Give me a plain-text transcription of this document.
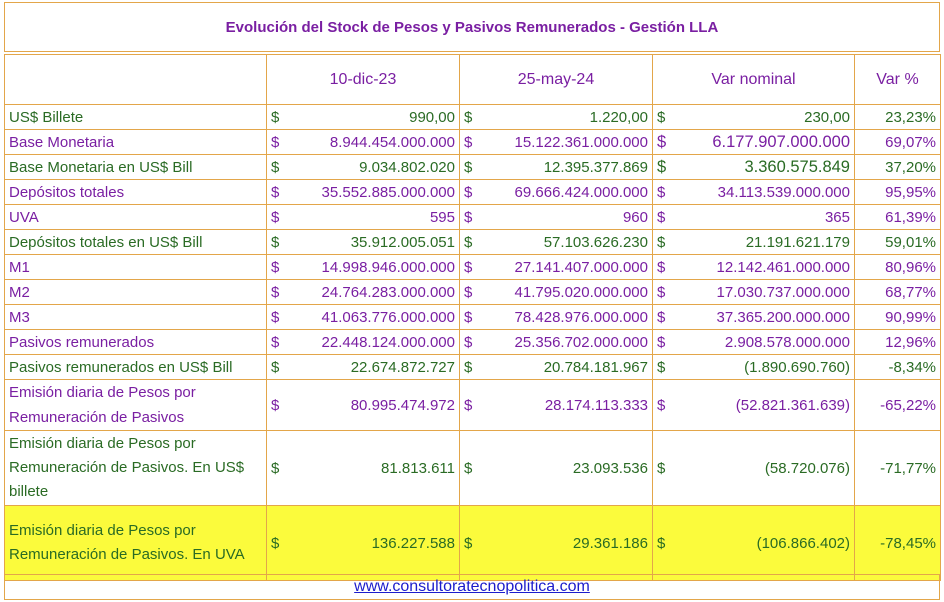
Evolución del Stock de Pesos y Pasivos Remunerados - Gestión LLA
	10-dic-23	25-may-24	Var nominal	Var %
US$ Billete	$ 990,00	$ 1.220,00	$ 230,00	23,23%
Base Monetaria	$ 8.944.454.000.000	$ 15.122.361.000.000	$ 6.177.907.000.000	69,07%
Base Monetaria en US$ Bill	$ 9.034.802.020	$ 12.395.377.869	$ 3.360.575.849	37,20%
Depósitos totales	$ 35.552.885.000.000	$ 69.666.424.000.000	$ 34.113.539.000.000	95,95%
UVA	$ 595	$ 960	$ 365	61,39%
Depósitos totales en US$ Bill	$ 35.912.005.051	$ 57.103.626.230	$ 21.191.621.179	59,01%
M1	$ 14.998.946.000.000	$ 27.141.407.000.000	$ 12.142.461.000.000	80,96%
M2	$ 24.764.283.000.000	$ 41.795.020.000.000	$ 17.030.737.000.000	68,77%
M3	$ 41.063.776.000.000	$ 78.428.976.000.000	$ 37.365.200.000.000	90,99%
Pasivos remunerados	$ 22.448.124.000.000	$ 25.356.702.000.000	$ 2.908.578.000.000	12,96%
Pasivos remunerados en US$ Bill	$ 22.674.872.727	$ 20.784.181.967	$ (1.890.690.760)	-8,34%
Emisión diaria de Pesos por Remuneración de Pasivos	$ 80.995.474.972	$ 28.174.113.333	$ (52.821.361.639)	-65,22%
Emisión diaria de Pesos por Remuneración de Pasivos. En US$ billete	$ 81.813.611	$ 23.093.536	$ (58.720.076)	-71,77%
Emisión diaria de Pesos por Remuneración de Pasivos. En UVA	$ 136.227.588	$ 29.361.186	$ (106.866.402)	-78,45%
www.consultoratecnopolitica.com
